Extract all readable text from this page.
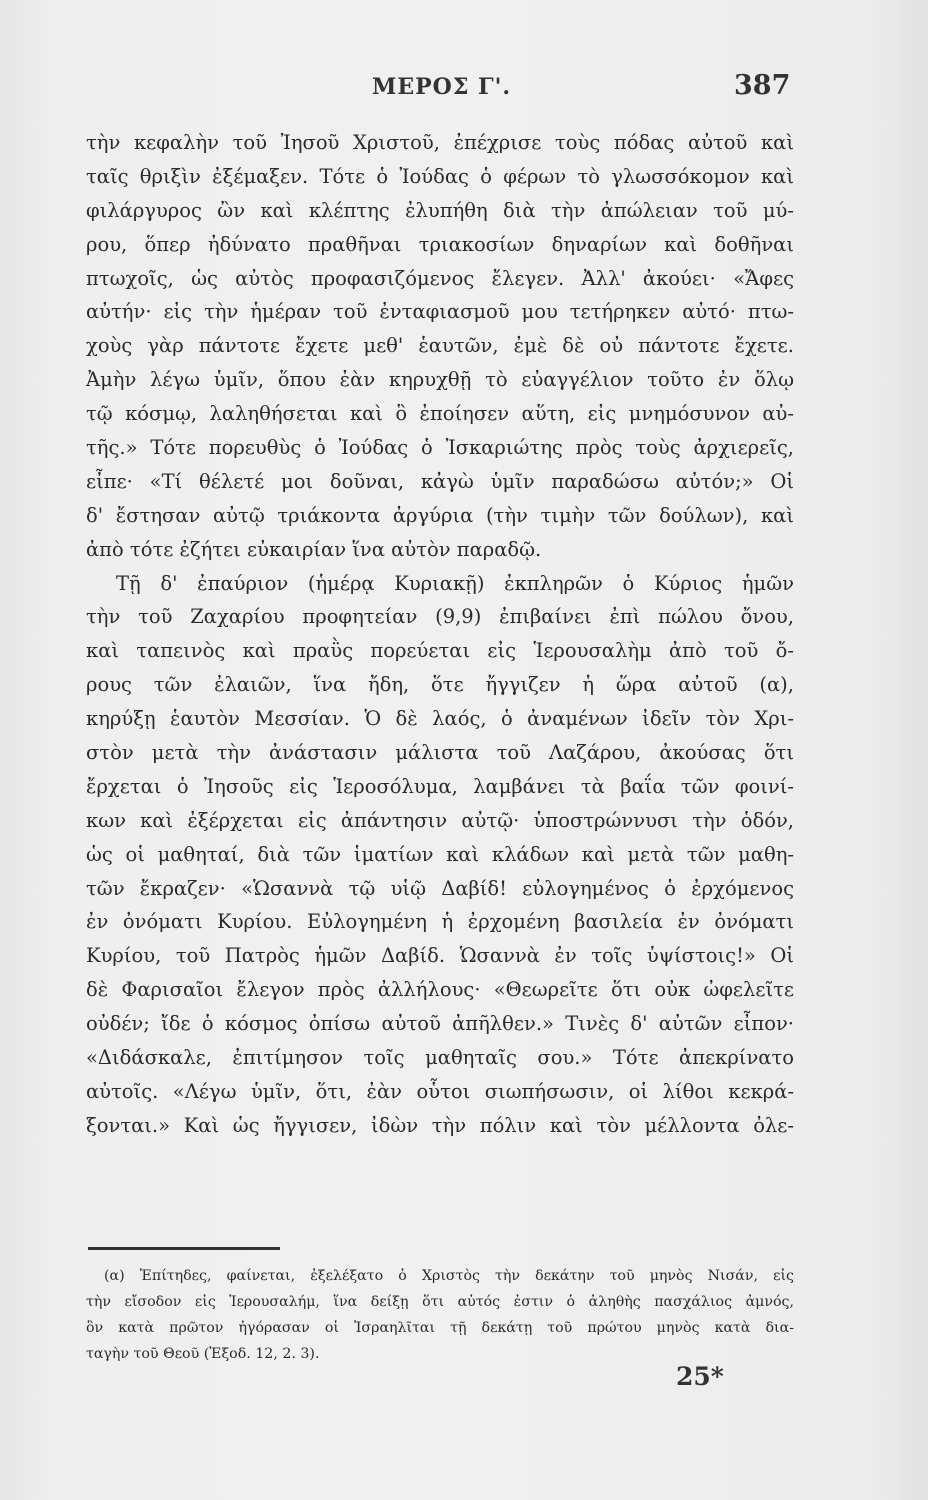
ΜΕΡΟΣ Γ'.	387
τὴν κεφαλὴν τοῦ Ἰησοῦ Χριστοῦ, ἐπέχρισε τοὺς πόδας αὐτοῦ καὶ
ταῖς θριξὶν ἐξέμαξεν. Τότε ὁ Ἰούδας ὁ φέρων τὸ γλωσσόκομον καὶ
φιλάργυρος ὢν καὶ κλέπτης ἐλυπήθη διὰ τὴν ἀπώλειαν τοῦ μύ-
ρου, ὅπερ ἠδύνατο πραθῆναι τριακοσίων δηναρίων καὶ δοθῆναι
πτωχοῖς, ὡς αὐτὸς προφασιζόμενος ἔλεγεν. Ἀλλ' ἀκούει· «Ἄφες
αὐτήν· εἰς τὴν ἡμέραν τοῦ ἐνταφιασμοῦ μου τετήρηκεν αὐτό· πτω-
χοὺς γὰρ πάντοτε ἔχετε μεθ' ἑαυτῶν, ἐμὲ δὲ οὐ πάντοτε ἔχετε.
Ἀμὴν λέγω ὑμῖν, ὅπου ἐὰν κηρυχθῇ τὸ εὐαγγέλιον τοῦτο ἐν ὅλῳ
τῷ κόσμῳ, λαληθήσεται καὶ ὃ ἐποίησεν αὕτη, εἰς μνημόσυνον αὐ-
τῆς.» Τότε πορευθὺς ὁ Ἰούδας ὁ Ἰσκαριώτης πρὸς τοὺς ἀρχιερεῖς,
εἶπε· «Τί θέλετέ μοι δοῦναι, κἀγὼ ὑμῖν παραδώσω αὐτόν;» Οἱ
δ' ἔστησαν αὐτῷ τριάκοντα ἀργύρια (τὴν τιμὴν τῶν δούλων), καὶ
ἀπὸ τότε ἐζήτει εὐκαιρίαν ἵνα αὐτὸν παραδῷ.
Τῇ δ' ἐπαύριον (ἡμέρᾳ Κυριακῇ) ἐκπληρῶν ὁ Κύριος ἡμῶν
τὴν τοῦ Ζαχαρίου προφητείαν (9,9) ἐπιβαίνει ἐπὶ πώλου ὄνου,
καὶ ταπεινὸς καὶ πραῢς πορεύεται εἰς Ἱερουσαλὴμ ἀπὸ τοῦ ὄ-
ρους τῶν ἐλαιῶν, ἵνα ἤδη, ὅτε ἤγγιζεν ἡ ὥρα αὐτοῦ (α),
κηρύξῃ ἑαυτὸν Μεσσίαν. Ὁ δὲ λαός, ὁ ἀναμένων ἰδεῖν τὸν Χρι-
στὸν μετὰ τὴν ἀνάστασιν μάλιστα τοῦ Λαζάρου, ἀκούσας ὅτι
ἔρχεται ὁ Ἰησοῦς εἰς Ἱεροσόλυμα, λαμβάνει τὰ βαΐα τῶν φοινί-
κων καὶ ἐξέρχεται εἰς ἀπάντησιν αὐτῷ· ὑποστρώννυσι τὴν ὁδόν,
ὡς οἱ μαθηταί, διὰ τῶν ἱματίων καὶ κλάδων καὶ μετὰ τῶν μαθη-
τῶν ἔκραζεν· «Ὡσαννὰ τῷ υἱῷ Δαβίδ! εὐλογημένος ὁ ἐρχόμενος
ἐν ὀνόματι Κυρίου. Εὐλογημένη ἡ ἐρχομένη βασιλεία ἐν ὀνόματι
Κυρίου, τοῦ Πατρὸς ἡμῶν Δαβίδ. Ὡσαννὰ ἐν τοῖς ὑψίστοις!» Οἱ
δὲ Φαρισαῖοι ἔλεγον πρὸς ἀλλήλους· «Θεωρεῖτε ὅτι οὐκ ὠφελεῖτε
οὐδέν; ἴδε ὁ κόσμος ὀπίσω αὐτοῦ ἀπῆλθεν.» Τινὲς δ' αὐτῶν εἶπον·
«Διδάσκαλε, ἐπιτίμησον τοῖς μαθηταῖς σου.» Τότε ἀπεκρίνατο
αὐτοῖς. «Λέγω ὑμῖν, ὅτι, ἐὰν οὗτοι σιωπήσωσιν, οἱ λίθοι κεκρά-
ξονται.» Καὶ ὡς ἤγγισεν, ἰδὼν τὴν πόλιν καὶ τὸν μέλλοντα ὀλε-
(α) Ἐπίτηδες, φαίνεται, ἐξελέξατο ὁ Χριστὸς τὴν δεκάτην τοῦ μηνὸς Νισάν, εἰς
τὴν εἴσοδον εἰς Ἱερουσαλήμ, ἵνα δείξῃ ὅτι αὐτός ἐστιν ὁ ἀληθὴς πασχάλιος ἀμνός,
ὃν κατὰ πρῶτον ἠγόρασαν οἱ Ἰσραηλῖται τῇ δεκάτῃ τοῦ πρώτου μηνὸς κατὰ δια-
ταγὴν τοῦ Θεοῦ (Ἐξοδ. 12, 2. 3).
25*
